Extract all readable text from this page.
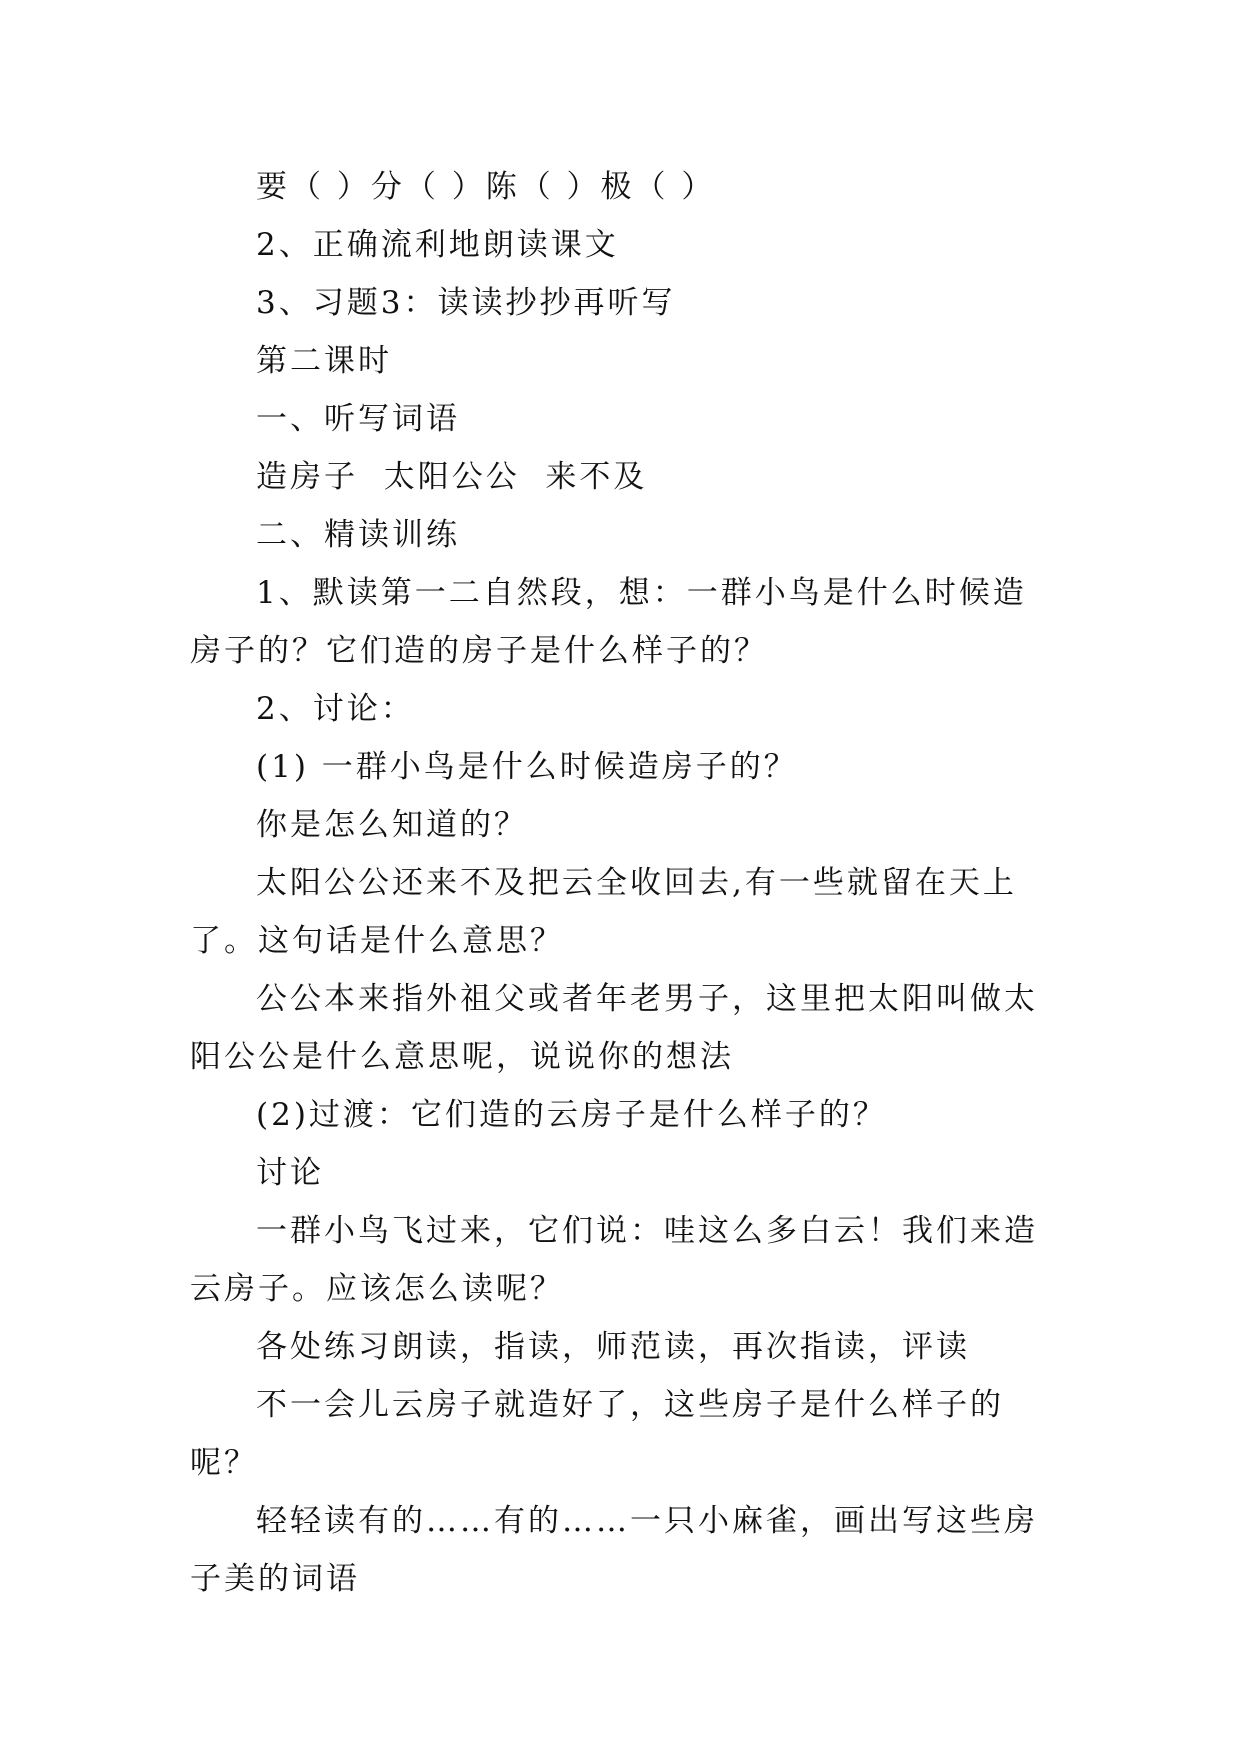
要（ ）分（ ）陈（ ）极（ ）

2、正确流利地朗读课文

3、习题3：读读抄抄再听写

第二课时

一、听写词语

造房子  太阳公公  来不及

二、精读训练

1、默读第一二自然段，想：一群小鸟是什么时候造房子的？它们造的房子是什么样子的？

2、讨论：

(1) 一群小鸟是什么时候造房子的？

你是怎么知道的？

太阳公公还来不及把云全收回去,有一些就留在天上了。这句话是什么意思？

公公本来指外祖父或者年老男子，这里把太阳叫做太阳公公是什么意思呢，说说你的想法

(2)过渡：它们造的云房子是什么样子的？

讨论

一群小鸟飞过来，它们说：哇这么多白云！我们来造云房子。应该怎么读呢？

各处练习朗读，指读，师范读，再次指读，评读

不一会儿云房子就造好了，这些房子是什么样子的呢？

轻轻读有的……有的……一只小麻雀，画出写这些房子美的词语
